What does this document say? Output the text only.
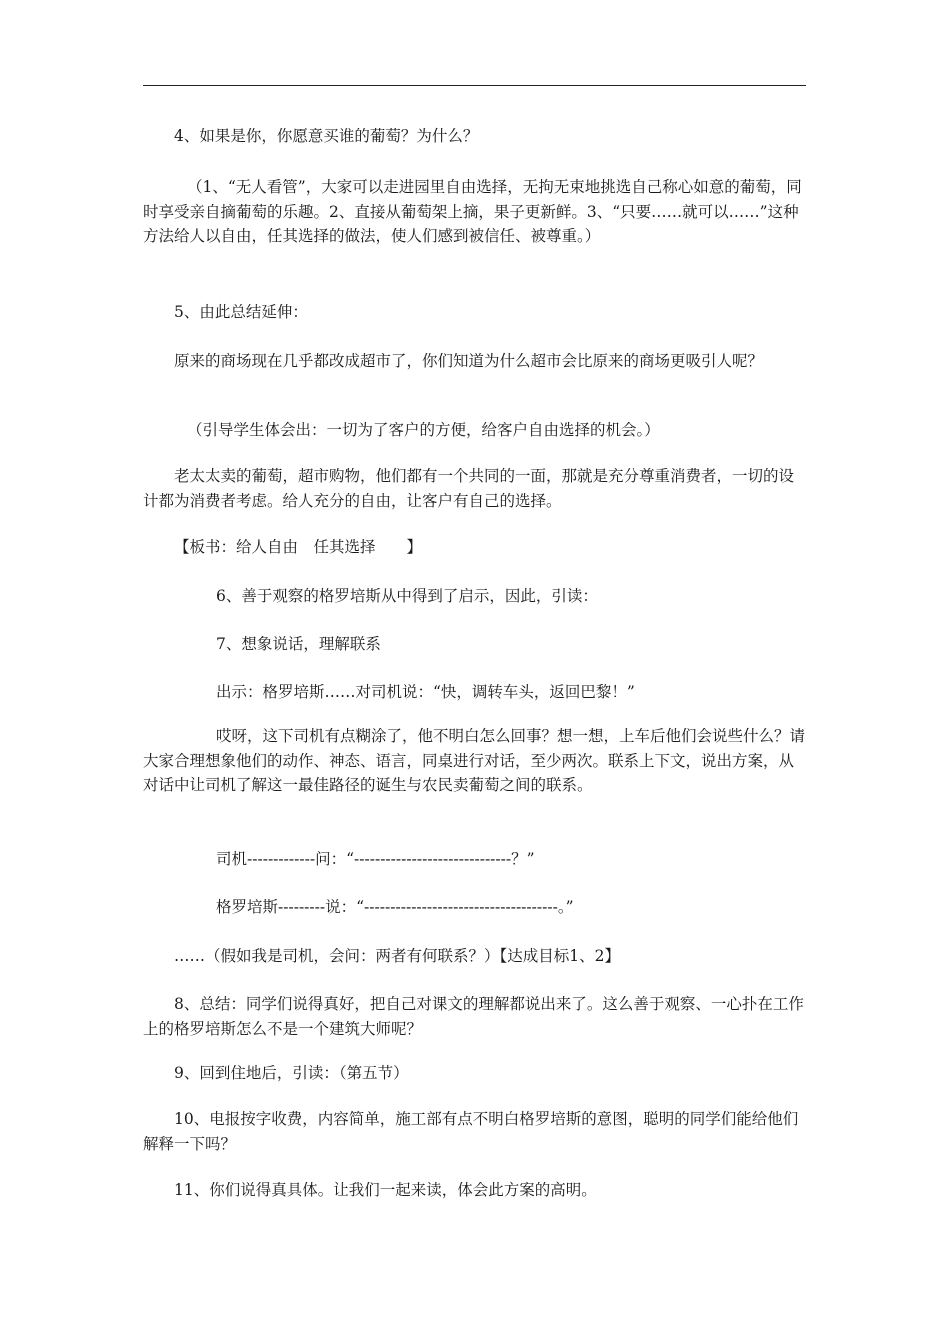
4、如果是你，你愿意买谁的葡萄？为什么？

（1、“无人看管”，大家可以走进园里自由选择，无拘无束地挑选自己称心如意的葡萄，同时享受亲自摘葡萄的乐趣。2、直接从葡萄架上摘，果子更新鲜。3、“只要……就可以……”这种方法给人以自由，任其选择的做法，使人们感到被信任、被尊重。）

5、由此总结延伸：

原来的商场现在几乎都改成超市了，你们知道为什么超市会比原来的商场更吸引人呢？

（引导学生体会出：一切为了客户的方便，给客户自由选择的机会。）

老太太卖的葡萄，超市购物，他们都有一个共同的一面，那就是充分尊重消费者，一切的设计都为消费者考虑。给人充分的自由，让客户有自己的选择。

【板书：给人自由　任其选择　　】

6、善于观察的格罗培斯从中得到了启示，因此，引读：

7、想象说话，理解联系

出示：格罗培斯……对司机说：“快，调转车头，返回巴黎！”

哎呀，这下司机有点糊涂了，他不明白怎么回事？想一想，上车后他们会说些什么？请大家合理想象他们的动作、神态、语言，同桌进行对话，至少两次。联系上下文，说出方案，从对话中让司机了解这一最佳路径的诞生与农民卖葡萄之间的联系。

司机-------------问：“------------------------------？”

格罗培斯---------说：“-------------------------------------。”

……（假如我是司机，会问：两者有何联系？）【达成目标1、2】

8、总结：同学们说得真好，把自己对课文的理解都说出来了。这么善于观察、一心扑在工作上的格罗培斯怎么不是一个建筑大师呢？

9、回到住地后，引读：（第五节）

10、电报按字收费，内容简单，施工部有点不明白格罗培斯的意图，聪明的同学们能给他们解释一下吗？

11、你们说得真具体。让我们一起来读，体会此方案的高明。
